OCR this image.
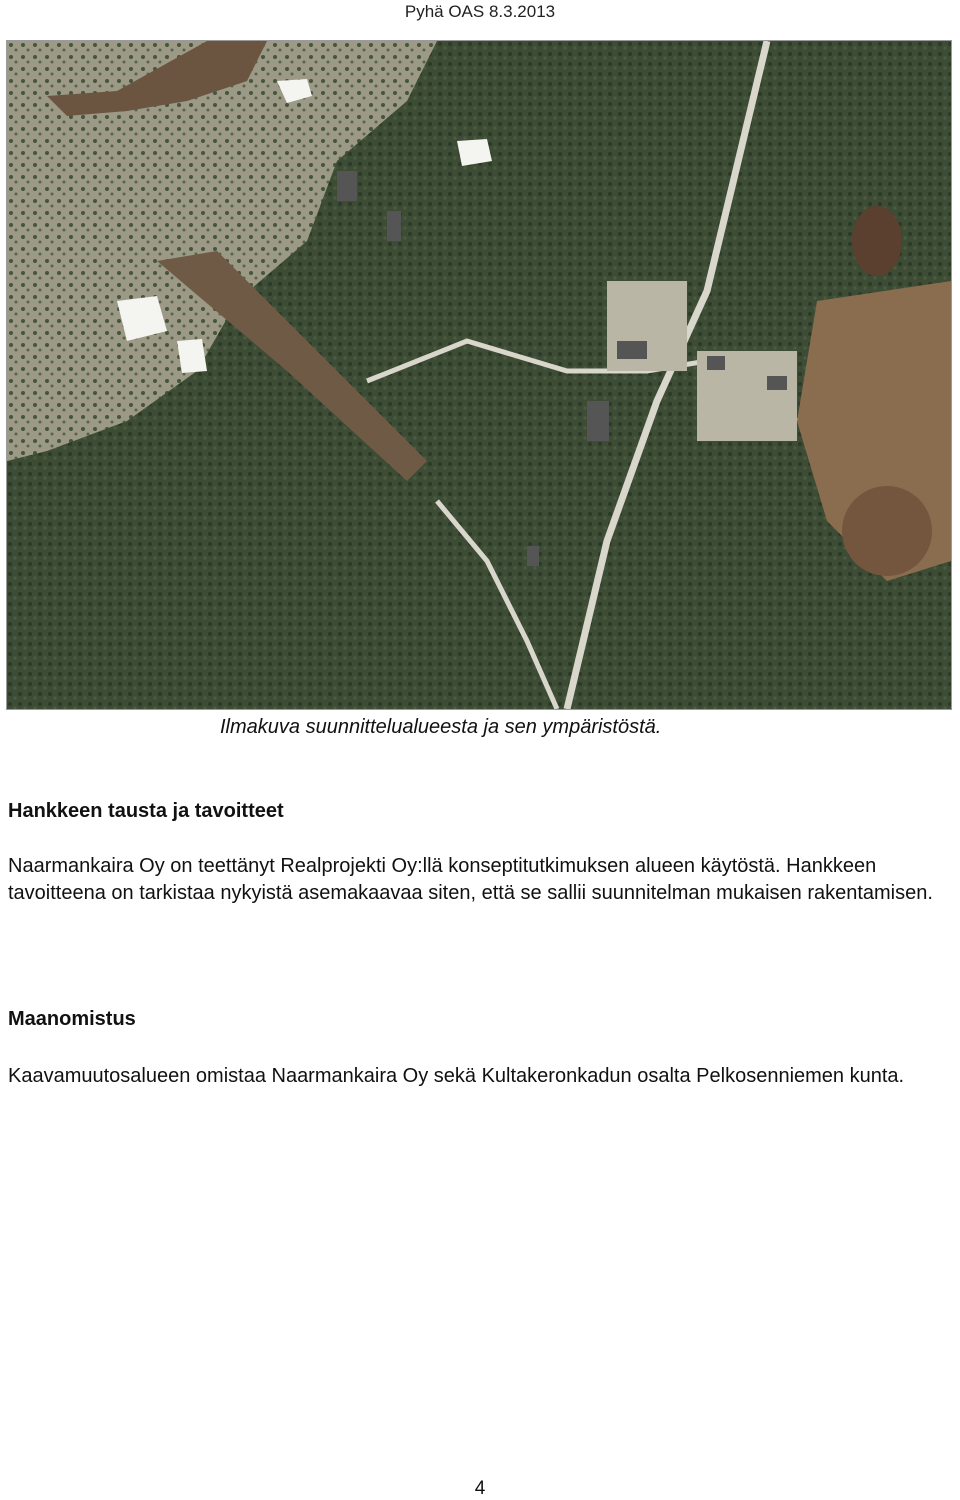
Pyhä OAS 8.3.2013
Ilmakuva suunnittelualueesta ja sen ympäristöstä.
Hankkeen tausta ja tavoitteet
Naarmankaira Oy on teettänyt Realprojekti Oy:llä konseptitutkimuksen alueen käytöstä. Hankkeen tavoitteena on tarkistaa nykyistä asemakaavaa siten, että se sallii suunnitelman mukaisen rakentamisen.
Maanomistus
Kaavamuutosalueen omistaa Naarmankaira Oy sekä Kultakeronkadun osalta Pelkosenniemen kunta.
4
